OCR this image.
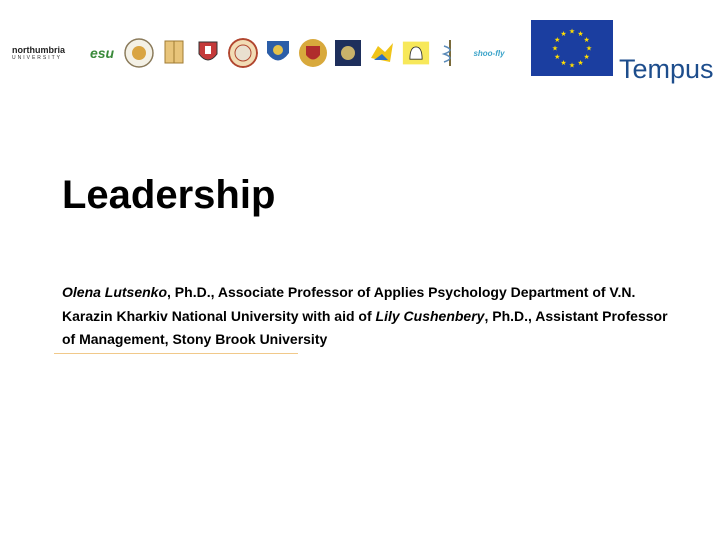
northumbria
UNIVERSITY esu	shoo-fly
★ ★
★
★
★
★
★
★
★
★
★
★
Tempus
Leadership
Olena Lutsenko, Ph.D., Associate Professor of Applies Psychology Department of V.N. Karazin Kharkiv National University with aid of Lily Cushenbery, Ph.D., Assistant Professor of Management, Stony Brook University
